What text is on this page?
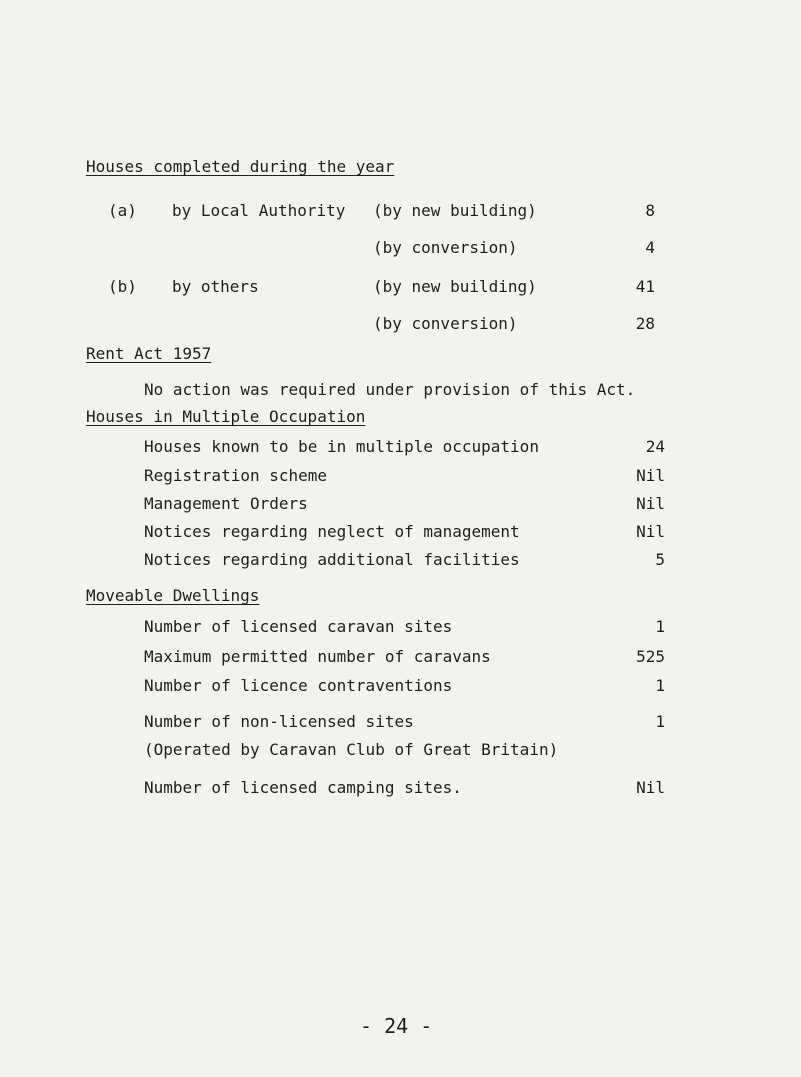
Houses completed during the year
(a) by Local Authority (by new building)	8
(by conversion)	4
(b) by others	(by new building)	41
(by conversion)	28
Rent Act 1957
No action was required under provision of this Act.
Houses in Multiple Occupation
Houses known to be in multiple occupation	24
Registration scheme	Nil
Management Orders	Nil
Notices regarding neglect of management	Nil
Notices regarding additional facilities	5
Moveable Dwellings
Number of licensed caravan sites	1
Maximum permitted number of caravans	525
Number of licence contraventions	1
Number of non-licensed sites	1
(Operated by Caravan Club of Great Britain)
Number of licensed camping sites.	Nil
- 24 -
